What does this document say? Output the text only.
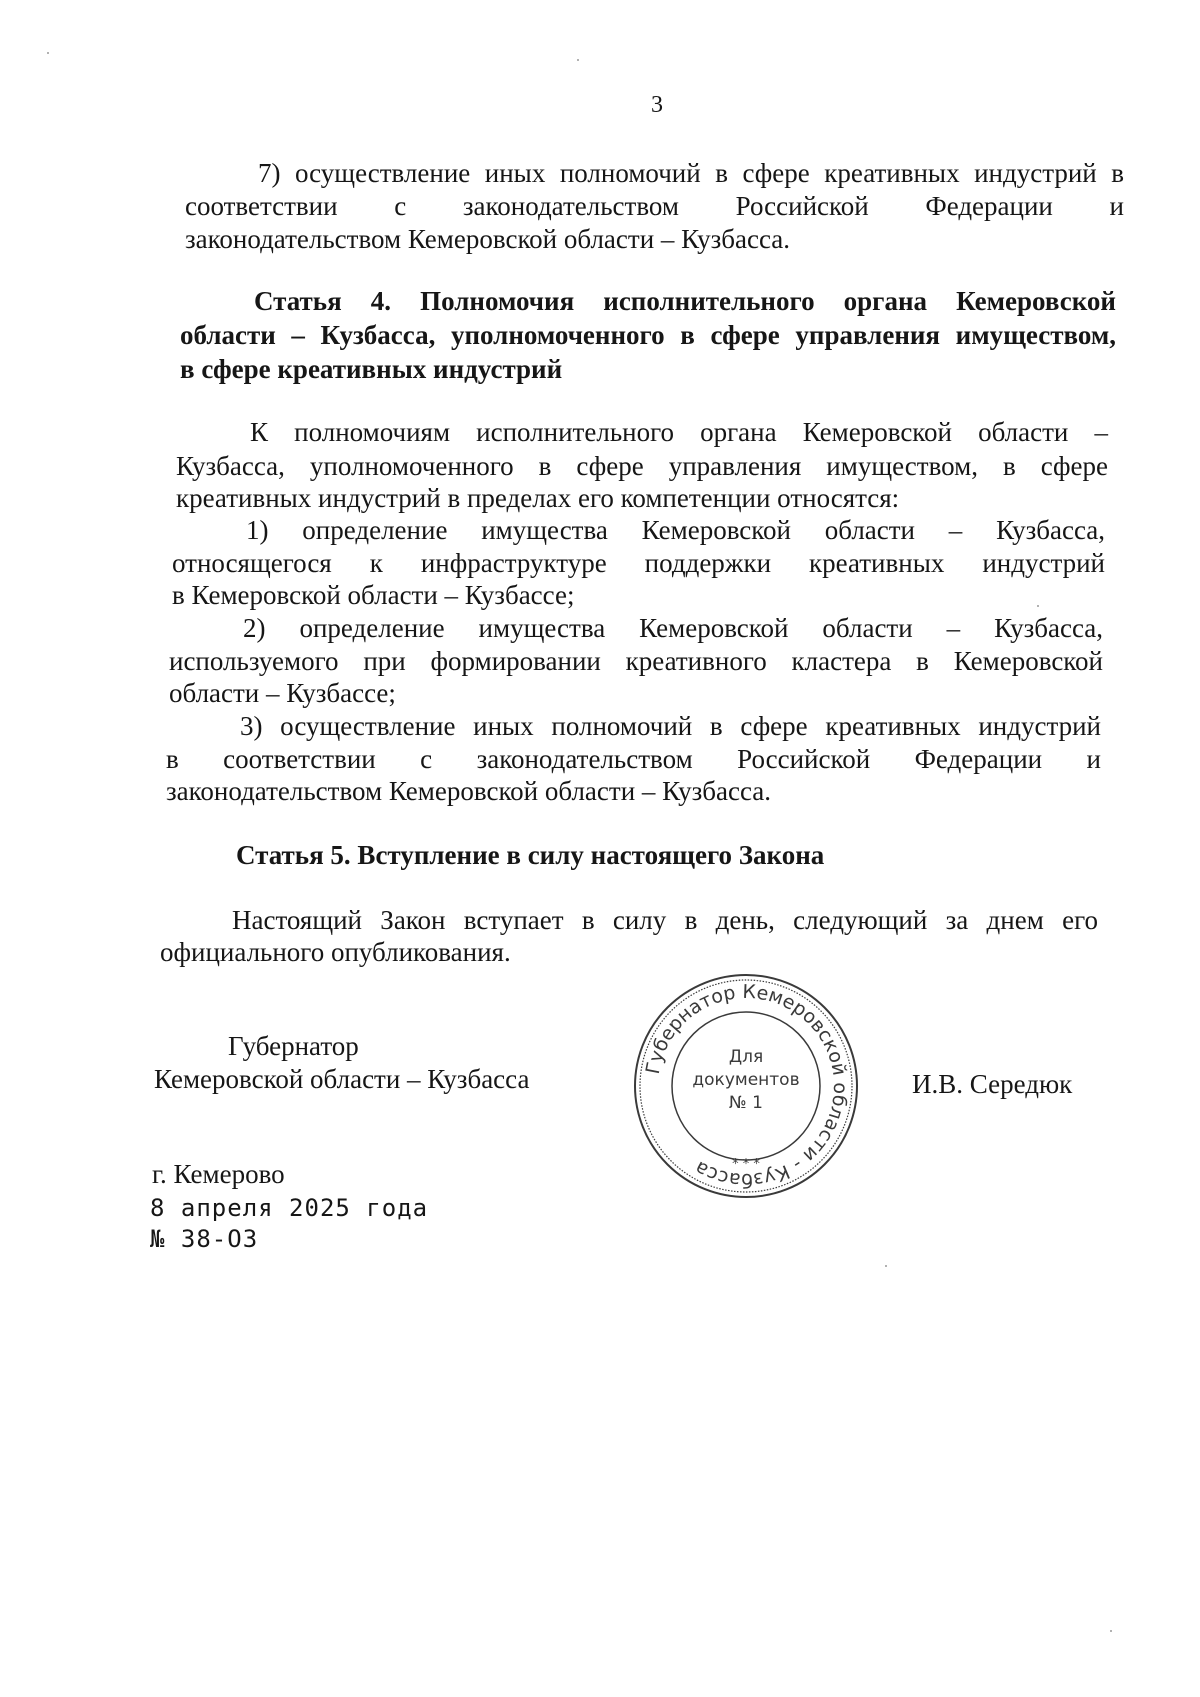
3
7) осуществление иных полномочий в сфере креативных индустрий в
соответствии с законодательством Российской Федерации и
законодательством Кемеровской области – Кузбасса.
Статья 4. Полномочия исполнительного органа Кемеровской
области – Кузбасса, уполномоченного в сфере управления имуществом,
в сфере креативных индустрий
К полномочиям исполнительного органа Кемеровской области –
Кузбасса, уполномоченного в сфере управления имуществом, в сфере
креативных индустрий в пределах его компетенции относятся:
1) определение имущества Кемеровской области – Кузбасса,
относящегося к инфраструктуре поддержки креативных индустрий
в Кемеровской области – Кузбассе;
2) определение имущества Кемеровской области – Кузбасса,
используемого при формировании креативного кластера в Кемеровской
области – Кузбассе;
3) осуществление иных полномочий в сфере креативных индустрий
в соответствии с законодательством Российской Федерации и
законодательством Кемеровской области – Кузбасса.
Статья 5. Вступление в силу настоящего Закона
Настоящий Закон вступает в силу в день, следующий за днем его
официального опубликования.
Губернатор
Кемеровской области – Кузбасса	И.В. Середюк
Губернатор Кемеровской области - Кузбасса
Для
документов
№ 1
* * *
г. Кемерово
8 апреля 2025 года
№ 38-ОЗ
